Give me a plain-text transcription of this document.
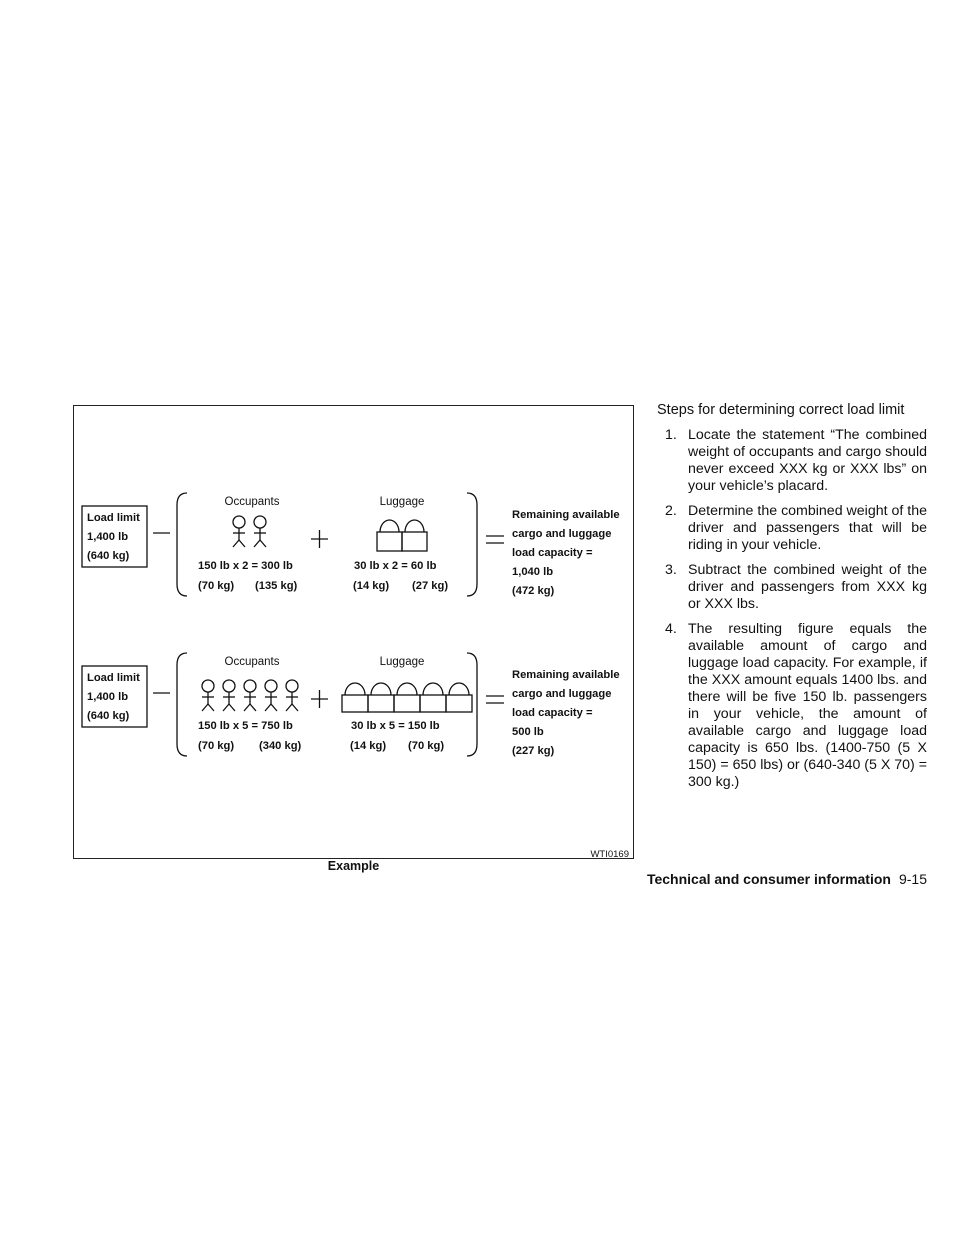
Load limit
1,400 lb
(640 kg)
Occupants
150 lb x 2 = 300 lb
(70 kg) (135 kg)
Luggage
30 lb x 2 = 60 lb
(14 kg) (27 kg)
Remaining available
cargo and luggage
load capacity =
1,040 lb
(472 kg)
Load limit
1,400 lb
(640 kg)
Occupants
150 lb x 5 = 750 lb
(70 kg) (340 kg)
Luggage
30 lb x 5 = 150 lb
(14 kg) (70 kg)
Remaining available
cargo and luggage
load capacity =
500 lb
(227 kg)
WTI0169
Example
Steps for determining correct load limit
1. Locate the statement “The combined weight of occupants and cargo should never exceed XXX kg or XXX lbs” on your vehicle’s placard.
2. Determine the combined weight of the driver and passengers that will be riding in your vehicle.
3. Subtract the combined weight of the driver and passengers from XXX kg or XXX lbs.
4. The resulting figure equals the available amount of cargo and luggage load capacity. For example, if the XXX amount equals 1400 lbs. and there will be five 150 lb. passengers in your vehicle, the amount of available cargo and luggage load capacity is 650 lbs. (1400-750 (5 X 150) = 650 lbs) or (640-340 (5 X 70) = 300 kg.)
Technical and consumer information 9-15
